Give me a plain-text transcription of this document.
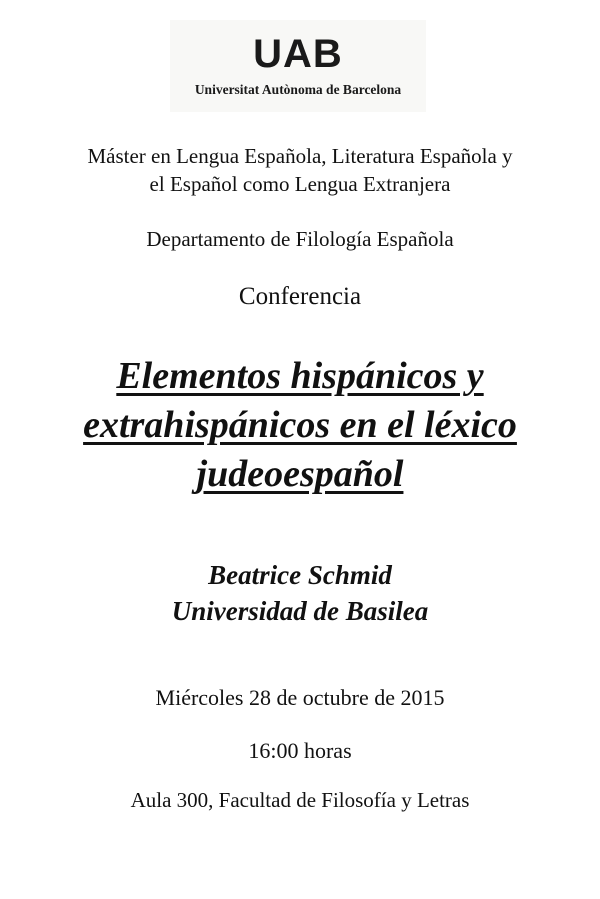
UAB
Universitat Autònoma de Barcelona
Máster en Lengua Española, Literatura Española y
el Español como Lengua Extranjera
Departamento de Filología Española
Conferencia
Elementos hispánicos y
extrahispánicos en el léxico
judeoespañol
Beatrice Schmid
Universidad de Basilea
Miércoles 28 de octubre de 2015
16:00 horas
Aula 300, Facultad de Filosofía y Letras
